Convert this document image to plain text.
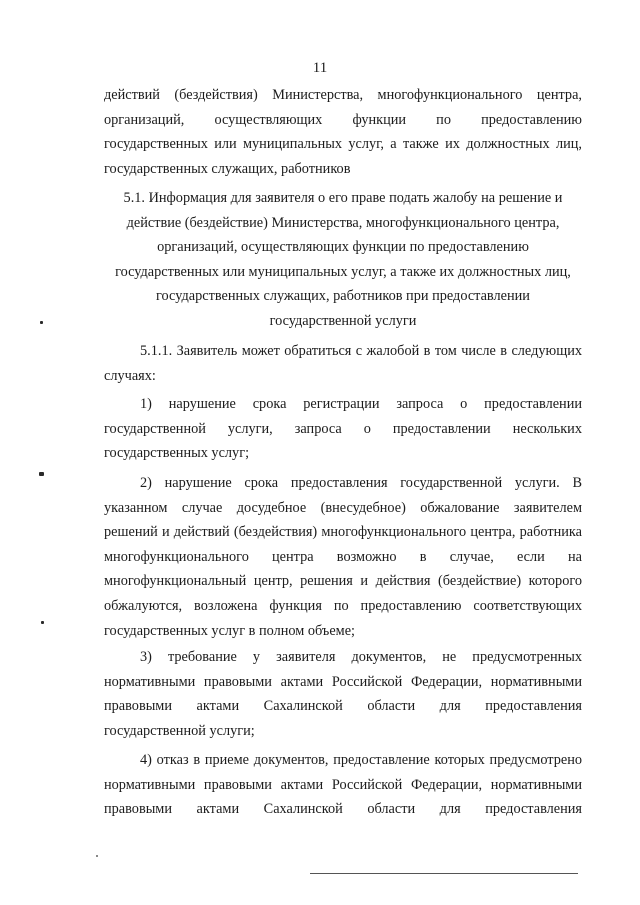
11

действий (бездействия) Министерства, многофункционального центра,

организаций, осуществляющих функции по предоставлению

государственных или муниципальных услуг, а также их должностных лиц,

государственных служащих, работников

5.1. Информация для заявителя о его праве подать жалобу на решение и

действие (бездействие) Министерства, многофункционального центра,

организаций, осуществляющих функции по предоставлению

государственных или муниципальных услуг, а также их должностных лиц,

государственных служащих, работников при предоставлении

государственной услуги

5.1.1. Заявитель может обратиться с жалобой в том числе в следующих

случаях:

1) нарушение срока регистрации запроса о предоставлении

государственной услуги, запроса о предоставлении нескольких

государственных услуг;

2) нарушение срока предоставления государственной услуги. В

указанном случае досудебное (внесудебное) обжалование заявителем

решений и действий (бездействия) многофункционального центра, работника

многофункционального центра возможно в случае, если на

многофункциональный центр, решения и действия (бездействие) которого

обжалуются, возложена функция по предоставлению соответствующих

государственных услуг в полном объеме;

3) требование у заявителя документов, не предусмотренных

нормативными правовыми актами Российской Федерации, нормативными

правовыми актами Сахалинской области для предоставления

государственной услуги;

4) отказ в приеме документов, предоставление которых предусмотрено

нормативными правовыми актами Российской Федерации, нормативными

правовыми актами Сахалинской области для предоставления
